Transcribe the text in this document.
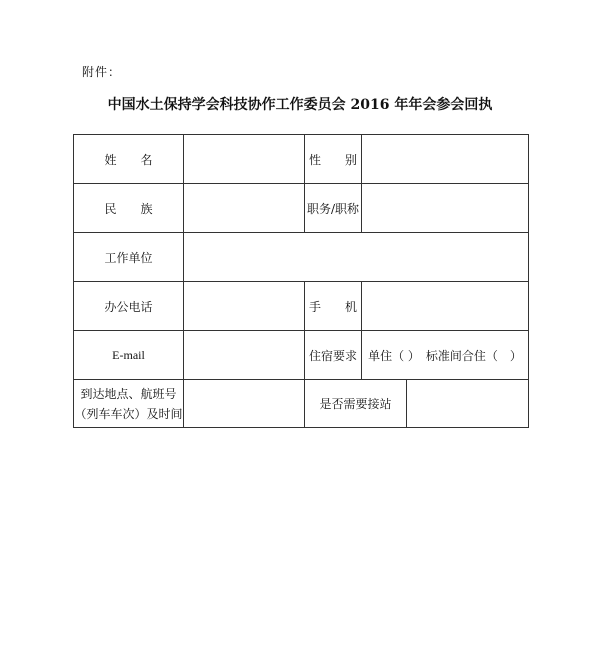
附件：
中国水土保持学会科技协作工作委员会 2016 年年会参会回执
姓　　名		性　　别		
民　　族		职务/职称		
工作单位				
办公电话		手　　机		
E-mail		住宿要求	单住（ ）　标准间合住（　）	

到达地点、航班号
（列车车次）及时间		是否需要接站		
